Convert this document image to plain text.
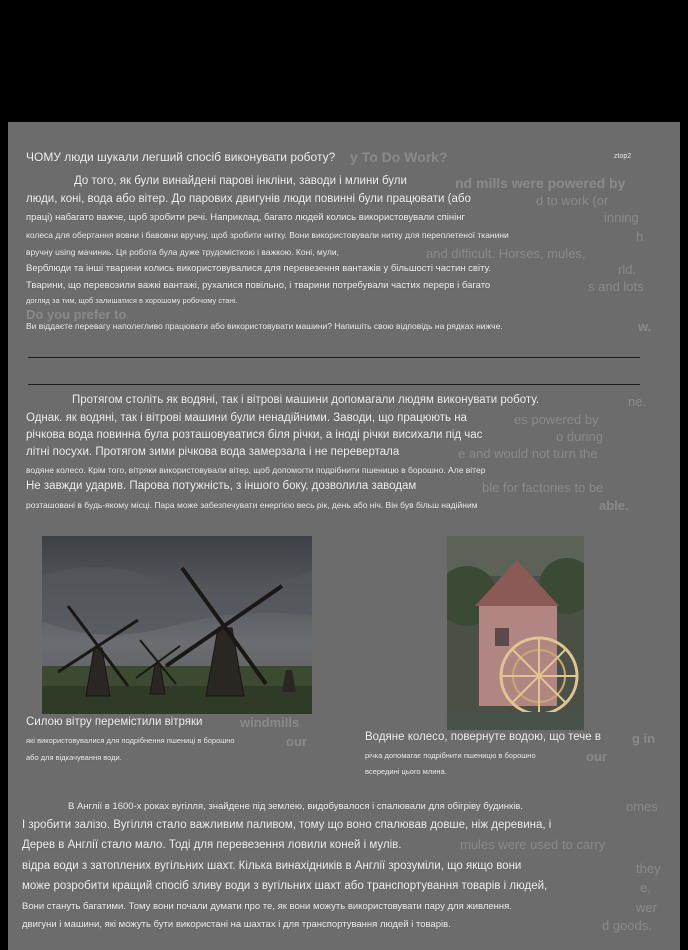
y To Do Work?
nd mills were powered by
d to work (or
inning
h
and difficult. Horses, mules,
rld.
s and lots
Do you prefer to
w.
ne.
es powered by
o during
e and would not turn the
ble for factories to be
able.
windmills
our	g in
our
omes
mules were used to carry
they
e,
wer
d goods.
ЧОМУ люди шукали легший спосіб виконувати роботу?	ztop2
До того, як були винайдені парові інкліни, заводи і млини були
люди, коні, вода або вітер. До парових двигунів люди повинні були працювати (або
праці) набагато важче, щоб зробити речі. Наприклад, багато людей колись використовували спінінг
колеса для обертання вовни і бавовни вручну, щоб зробити нитку. Вони використовували нитку для переплетеної тканини
вручну using мачиниь. Ця робота була дуже трудомісткою і важкою. Коні, мули,
Верблюди та інші тварини колись використовувалися для перевезення вантажів у більшості частин світу.
Тварини, що перевозили важкі вантажі, рухалися повільно, і тварини потребували частих перерв і багато
догляд за тим, щоб залишатися в хорошому робочому стані.
Ви віддаєте перевагу наполегливо працювати або використовувати машини? Напишіть свою відповідь на рядках нижче.
Протягом століть як водяні, так і вітрові машини допомагали людям виконувати роботу.
Однак. як водяні, так і вітрові машини були ненадійними. Заводи, що працюють на
річкова вода повинна була розташовуватися біля річки, а іноді річки висихали під час
літні посухи. Протягом зими річкова вода замерзала і не перевертала
водяне колесо. Крім того, вітряки використовували вітер, щоб допомогти подрібнити пшеницю в борошно. Але вітер
Не завжди ударив. Парова потужність, з іншого боку, дозволила заводам
розташовані в будь-якому місці. Пара може забезпечувати енергією весь рік, день або ніч. Він був більш надійним
Силою вітру перемістили вітряки
які використовувалися для подрібнення пшениці в борошно
або для відкачування води.
Водяне колесо, повернуте водою, що тече в
річка допомагає подрібнити пшеницю в борошно
всередині цього млина.
В Англії в 1600-х роках вугілля, знайдене під землею, видобувалося і спалювали для обігріву будинків.
І зробити залізо. Вугілля стало важливим паливом, тому що воно спалював довше, ніж деревина, і
Дерев в Англії стало мало. Тоді для перевезення ловили коней і мулів.
відра води з затоплених вугільних шахт. Кілька винахідників в Англії зрозуміли, що якщо вони
може розробити кращий спосіб зливу води з вугільних шахт або транспортування товарів і людей,
Вони стануть багатими. Тому вони почали думати про те, як вони можуть використовувати пару для живлення.
двигуни і машини, які можуть бути використані на шахтах і для транспортування людей і товарів.
